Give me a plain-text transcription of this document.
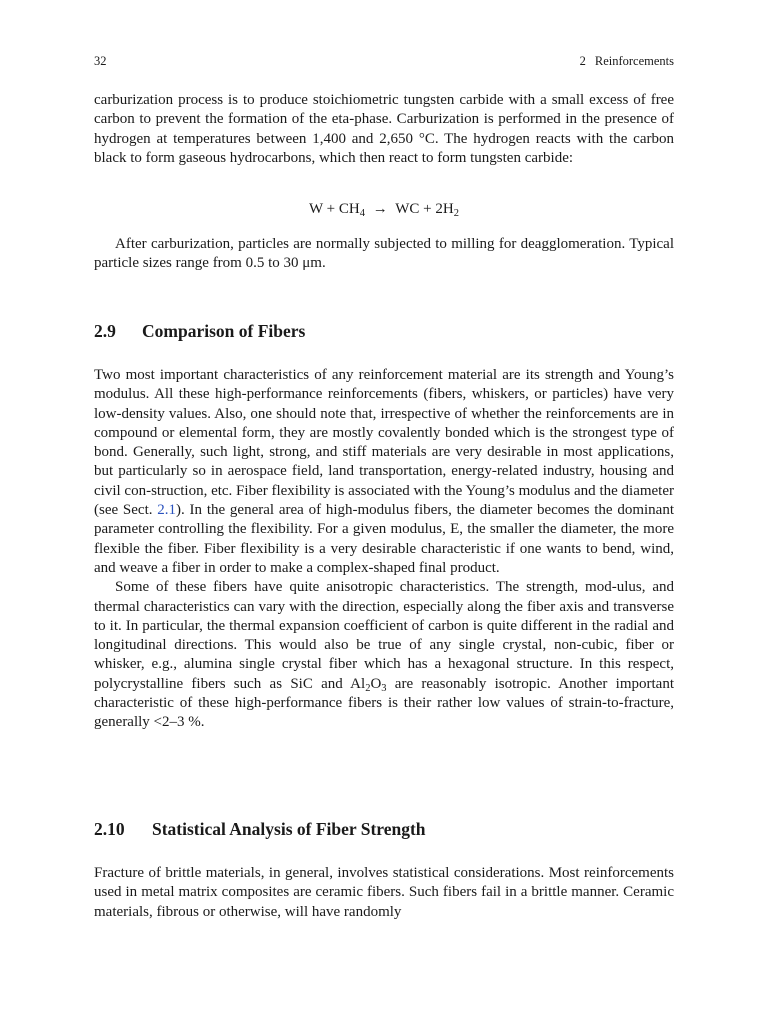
32	2 Reinforcements

carburization process is to produce stoichiometric tungsten carbide with a small excess of free carbon to prevent the formation of the eta-phase. Carburization is performed in the presence of hydrogen at temperatures between 1,400 and 2,650 °C. The hydrogen reacts with the carbon black to form gaseous hydrocarbons, which then react to form tungsten carbide:

$W + CH_4$ → WC + $2H_2$

After carburization, particles are normally subjected to milling for deagglomeration. Typical particle sizes range from 0.5 to 30 μm.

2.9 Comparison of Fibers

Two most important characteristics of any reinforcement material are its strength and Young’s modulus. All these high-performance reinforcements (fibers, whiskers, or particles) have very low-density values. Also, one should note that, irrespective of whether the reinforcements are in compound or elemental form, they are mostly covalently bonded which is the strongest type of bond. Generally, such light, strong, and stiff materials are very desirable in most applications, but particularly so in aerospace field, land transportation, energy-related industry, housing and civil con-struction, etc. Fiber flexibility is associated with the Young’s modulus and the diameter (see Sect. 2.1). In the general area of high-modulus fibers, the diameter becomes the dominant parameter controlling the flexibility. For a given modulus, E, the smaller the diameter, the more flexible the fiber. Fiber flexibility is a very desirable characteristic if one wants to bend, wind, and weave a fiber in order to make a complex-shaped final product.

Some of these fibers have quite anisotropic characteristics. The strength, mod-ulus, and thermal characteristics can vary with the direction, especially along the fiber axis and transverse to it. In particular, the thermal expansion coefficient of carbon is quite different in the radial and longitudinal directions. This would also be true of any single crystal, non-cubic, fiber or whisker, e.g., alumina single crystal fiber which has a hexagonal structure. In this respect, polycrystalline fibers such as SiC and $Al_2O_3$ are reasonably isotropic. Another important characteristic of these high-performance fibers is their rather low values of strain-to-fracture, generally <2–3 %.

2.10 Statistical Analysis of Fiber Strength

Fracture of brittle materials, in general, involves statistical considerations. Most reinforcements used in metal matrix composites are ceramic fibers. Such fibers fail in a brittle manner. Ceramic materials, fibrous or otherwise, will have randomly
